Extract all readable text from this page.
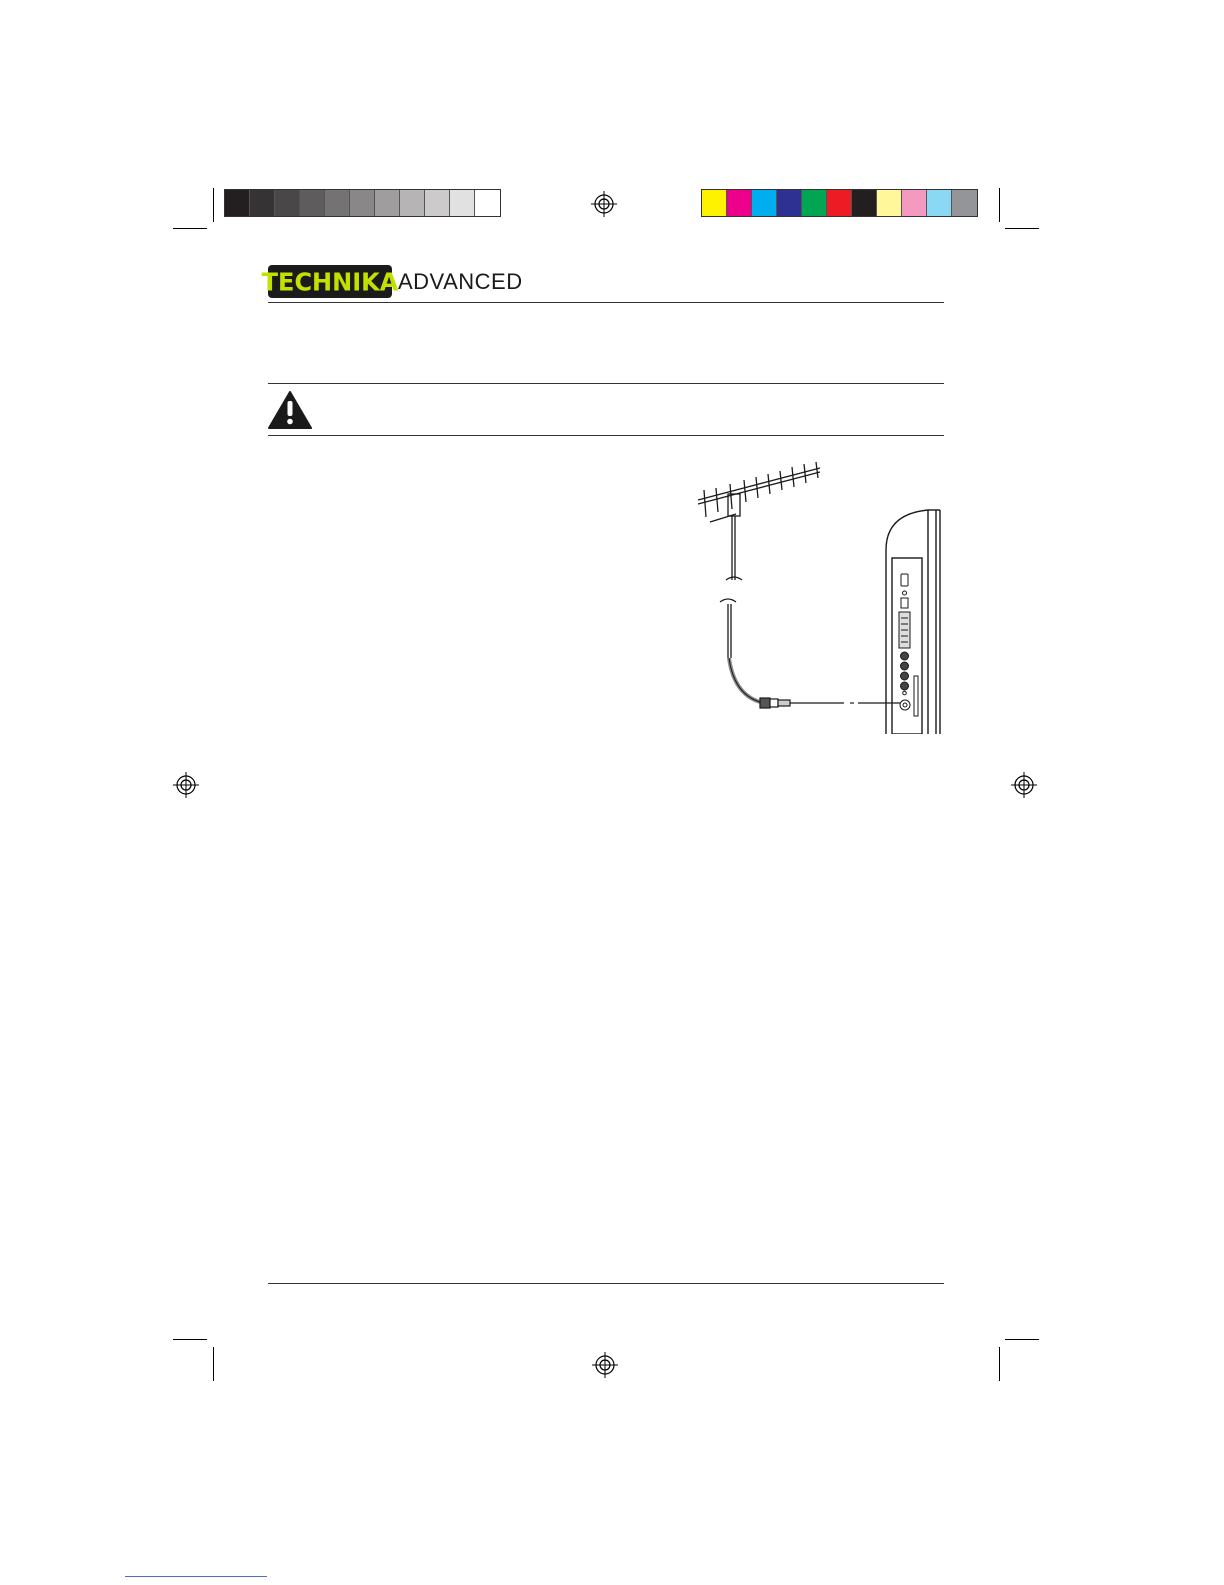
TECHNIKA ADVANCED
